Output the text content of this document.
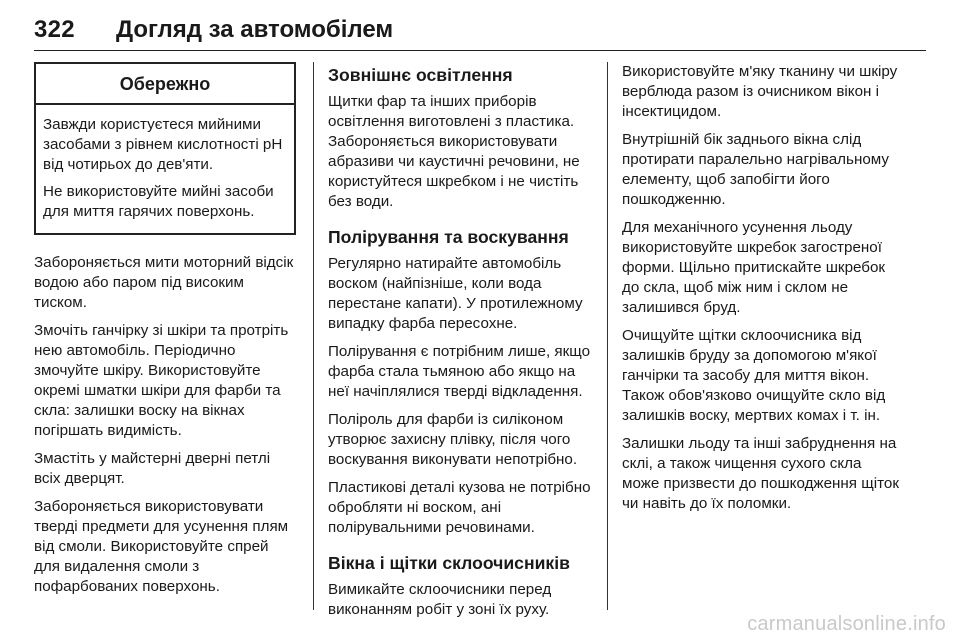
322 Догляд за автомобілем
Обережно

Завжди користуєтеся мийними засобами з рівнем кислотності рН від чотирьох до дев'яти.

Не використовуйте мийні засоби для миття гарячих поверхонь.

Забороняється мити моторний відсік водою або паром під високим тиском.

Змочіть ганчірку зі шкіри та протріть нею автомобіль. Періодично змочуйте шкіру. Використовуйте окремі шматки шкіри для фарби та скла: залишки воску на вікнах погіршать видимість.

Змастіть у майстерні дверні петлі всіх дверцят.

Забороняється використовувати тверді предмети для усунення плям від смоли. Використовуйте спрей для видалення смоли з пофарбованих поверхонь.

Зовнішнє освітлення

Щитки фар та інших приборів освітлення виготовлені з пластика. Забороняється використовувати абразиви чи каустичні речовини, не користуйтеся шкребком і не чистіть без води.

Полірування та воскування

Регулярно натирайте автомобіль воском (найпізніше, коли вода перестане капати). У протилежному випадку фарба пересохне.

Полірування є потрібним лише, якщо фарба стала тьмяною або якщо на неї начіплялися тверді відкладення.

Поліроль для фарби із силіконом утворює захисну плівку, після чого воскування виконувати непотрібно.

Пластикові деталі кузова не потрібно обробляти ні воском, ані полірувальними речовинами.

Вікна і щітки склоочисників

Вимикайте склоочисники перед виконанням робіт у зоні їх руху.

Використовуйте м'яку тканину чи шкіру верблюда разом із очисником вікон і інсектицидом.

Внутрішній бік заднього вікна слід протирати паралельно нагрівальному елементу, щоб запобігти його пошкодженню.

Для механічного усунення льоду використовуйте шкребок загостреної форми. Щільно притискайте шкребок до скла, щоб між ним і склом не залишився бруд.

Очищуйте щітки склоочисника від залишків бруду за допомогою м'якої ганчірки та засобу для миття вікон. Також обов'язково очищуйте скло від залишків воску, мертвих комах і т. ін.

Залишки льоду та інші забруднення на склі, а також чищення сухого скла може призвести до пошкодження щіток чи навіть до їх поломки.

carmanualsonline.info
